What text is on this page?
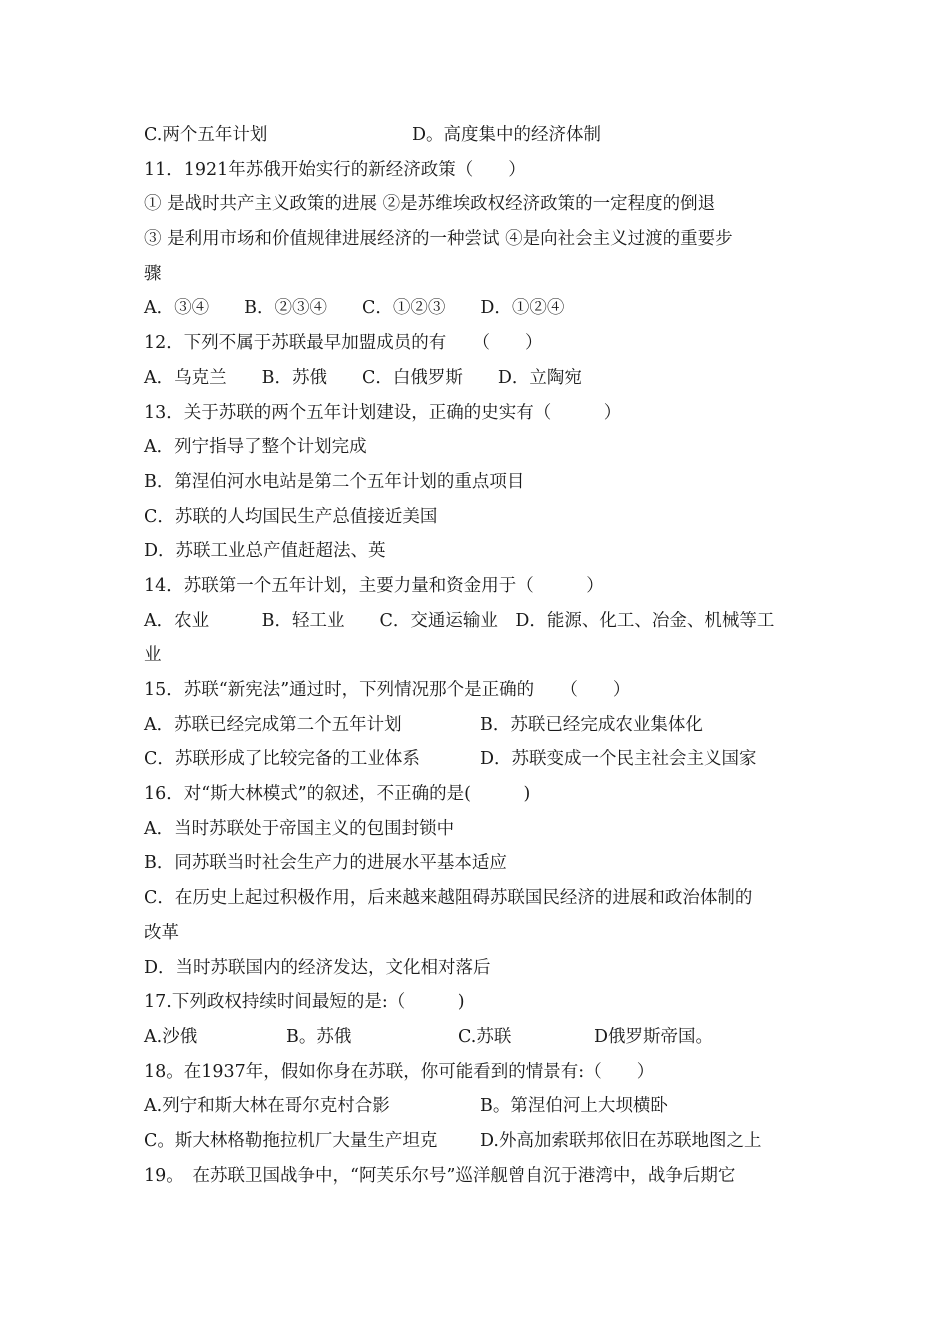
C.两个五年计划

	D。高度集中的经济体制

11．1921年苏俄开始实行的新经济政策（　　）
① 是战时共产主义政策的进展 ②是苏维埃政权经济政策的一定程度的倒退
③ 是利用市场和价值规律进展经济的一种尝试 ④是向社会主义过渡的重要步
骤
A．③④　　B．②③④　　C．①②③　　D．①②④
12．下列不属于苏联最早加盟成员的有　　（　　）
A．乌克兰　　B．苏俄　　C．白俄罗斯　　D．立陶宛
13．关于苏联的两个五年计划建设，正确的史实有（　　　）
A．列宁指导了整个计划完成
B．第涅伯河水电站是第二个五年计划的重点项目
C．苏联的人均国民生产总值接近美国
D．苏联工业总产值赶超法、英
14．苏联第一个五年计划，主要力量和资金用于（　　　）
A．农业　　　B．轻工业　　C．交通运输业　D．能源、化工、冶金、机械等工
业
15．苏联“新宪法”通过时，下列情况那个是正确的　　（　　）

A．苏联已经完成第二个五年计划

	B．苏联已经完成农业集体化

C．苏联形成了比较完备的工业体系

	D．苏联变成一个民主社会主义国家

16．对“斯大林模式”的叙述，不正确的是(　　　)
A．当时苏联处于帝国主义的包围封锁中
B．同苏联当时社会生产力的进展水平基本适应
C．在历史上起过积极作用，后来越来越阻碍苏联国民经济的进展和政治体制的
改革
D．当时苏联国内的经济发达，文化相对落后
17.下列政权持续时间最短的是:（　　　)

A.沙俄

	B。苏俄

	C.苏联

	D俄罗斯帝国。

18。在1937年，假如你身在苏联，你可能看到的情景有:（　　）

A.列宁和斯大林在哥尔克村合影

	B。第涅伯河上大坝横卧

C。斯大林格勒拖拉机厂大量生产坦克

D.外高加索联邦依旧在苏联地图之上

19。　在苏联卫国战争中，“阿芙乐尔号”巡洋舰曾自沉于港湾中，战争后期它
